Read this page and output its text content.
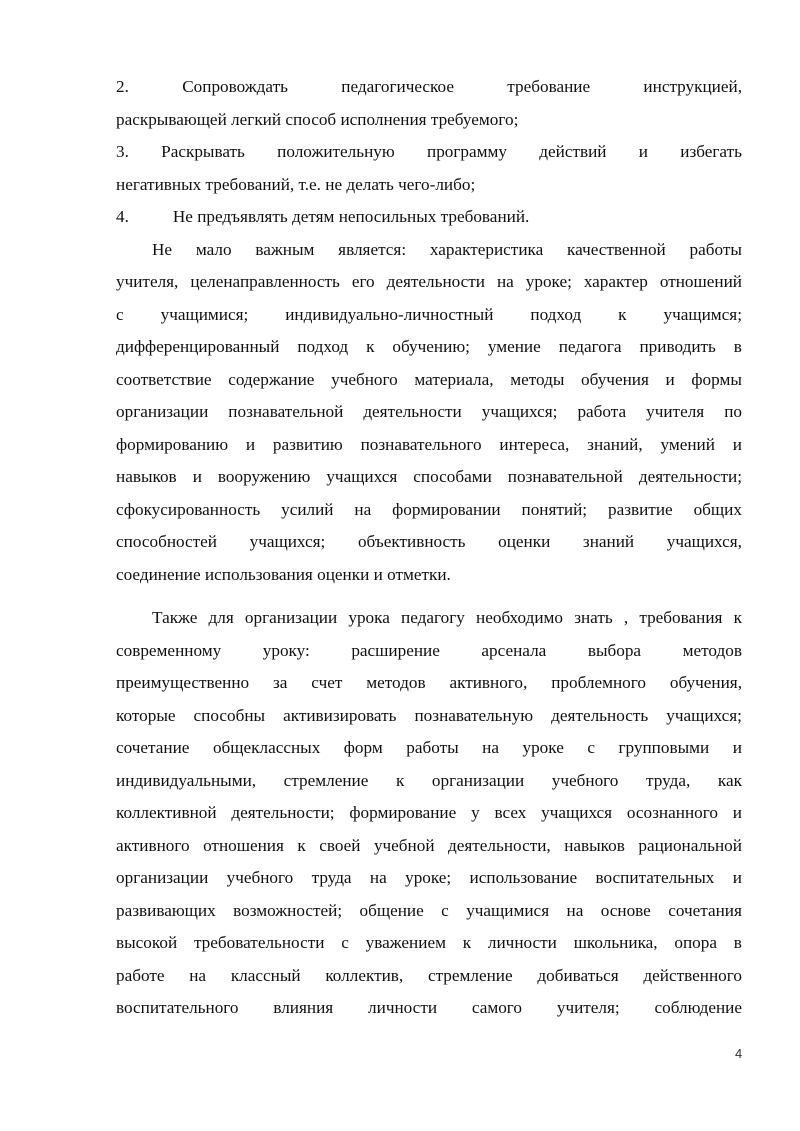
2.	Сопровождать	педагогическое	требование	инструкцией,
раскрывающей легкий способ исполнения требуемого;
3. Раскрывать положительную программу действий и избегать
негативных требований, т.е. не делать чего-либо;
4.	Не предъявлять детям непосильных требований.
Не мало важным является: характеристика качественной работы
учителя, целенаправленность его деятельности на уроке; характер отношений
с учащимися; индивидуально-личностный подход к учащимся;
дифференцированный подход к обучению; умение педагога приводить в
соответствие содержание учебного материала, методы обучения и формы
организации познавательной деятельности учащихся; работа учителя по
формированию и развитию познавательного интереса, знаний, умений и
навыков и вооружению учащихся способами познавательной деятельности;
сфокусированность усилий на формировании понятий; развитие общих
способностей учащихся; объективность оценки знаний учащихся,
соединение использования оценки и отметки.
Также для организации урока педагогу необходимо знать , требования к
современному уроку: расширение арсенала выбора методов
преимущественно за счет методов активного, проблемного обучения,
которые способны активизировать познавательную деятельность учащихся;
сочетание общеклассных форм работы на уроке с групповыми и
индивидуальными, стремление к организации учебного труда, как
коллективной деятельности; формирование у всех учащихся осознанного и
активного отношения к своей учебной деятельности, навыков рациональной
организации учебного труда на уроке; использование воспитательных и
развивающих возможностей; общение с учащимися на основе сочетания
высокой требовательности с уважением к личности школьника, опора в
работе на классный коллектив, стремление добиваться действенного
воспитательного влияния личности самого учителя; соблюдение
4
